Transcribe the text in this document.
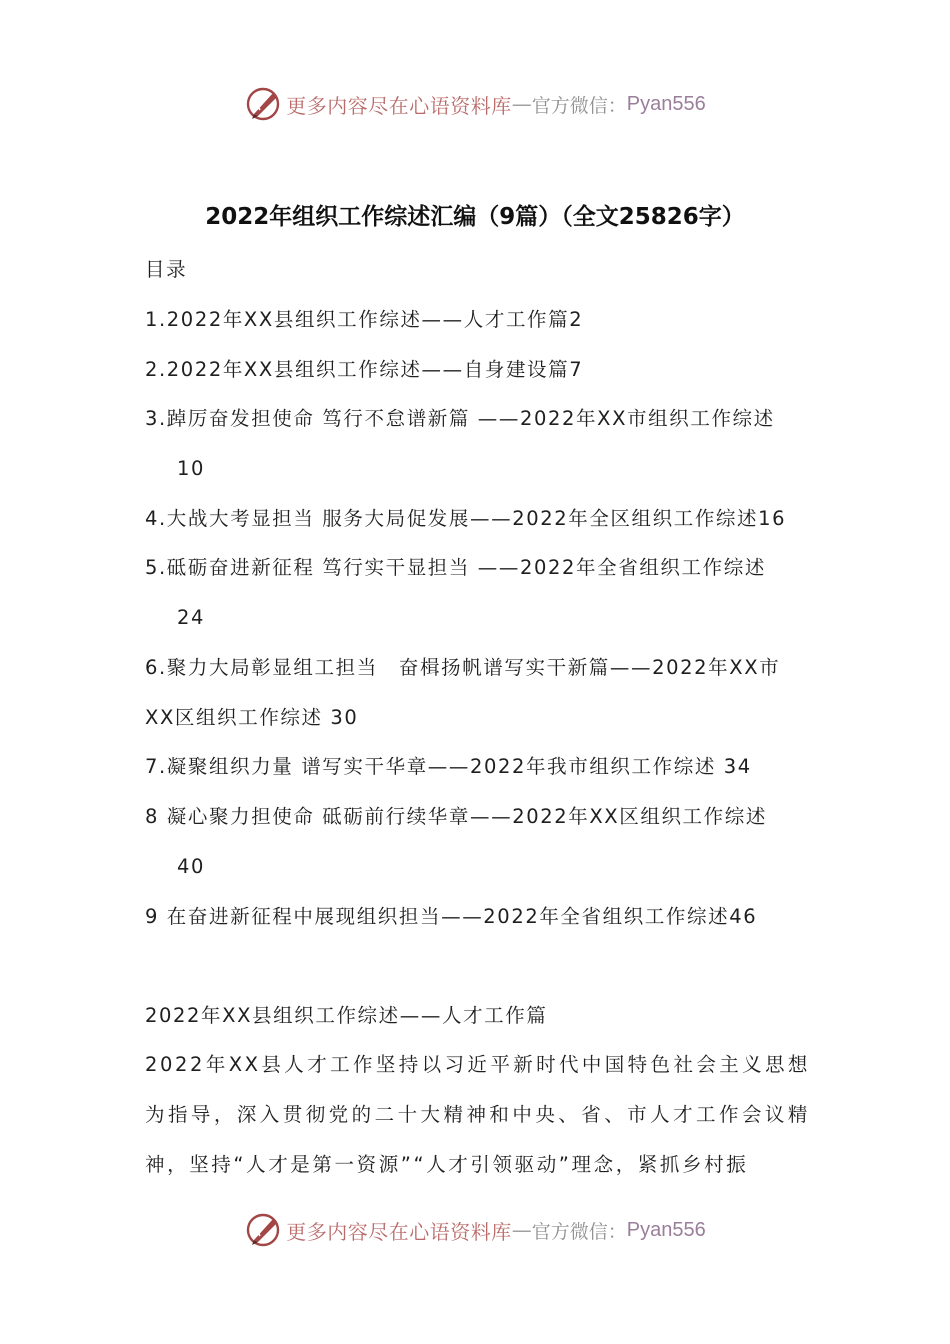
更多内容尽在心语资料库 — 官方微信： Pyan556
2022年组织工作综述汇编（9篇）（全文25826字）
目录
1.2022年XX县组织工作综述——人才工作篇2
2.2022年XX县组织工作综述——自身建设篇7
3.踔厉奋发担使命 笃行不怠谱新篇 ——2022年XX市组织工作综述
10
4.大战大考显担当 服务大局促发展——2022年全区组织工作综述16
5.砥砺奋进新征程 笃行实干显担当 ——2022年全省组织工作综述
24
6.聚力大局彰显组工担当　奋楫扬帆谱写实干新篇——2022年XX市
XX区组织工作综述 30
7.凝聚组织力量 谱写实干华章——2022年我市组织工作综述 34
8 凝心聚力担使命 砥砺前行续华章——2022年XX区组织工作综述
40
9 在奋进新征程中展现组织担当——2022年全省组织工作综述46
2022年XX县组织工作综述——人才工作篇
2022年XX县人才工作坚持以习近平新时代中国特色社会主义思想为指导，深入贯彻党的二十大精神和中央、省、市人才工作会议精神，坚持“人才是第一资源”“人才引领驱动”理念，紧抓乡村振
更多内容尽在心语资料库 — 官方微信： Pyan556
